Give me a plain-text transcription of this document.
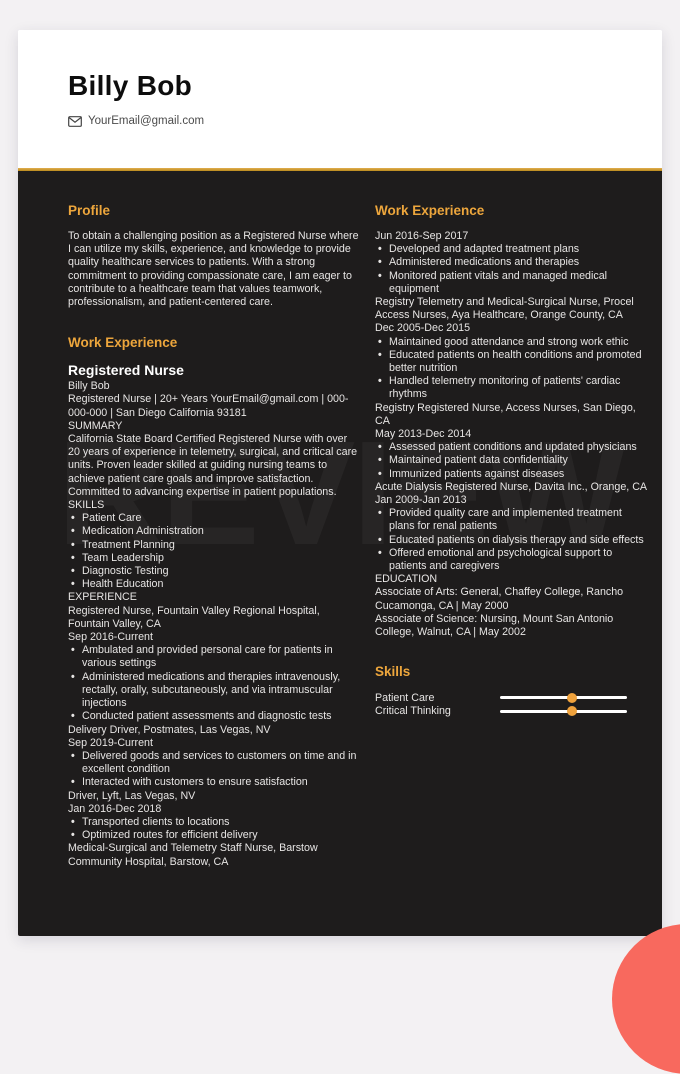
Billy Bob
YourEmail@gmail.com
Profile
To obtain a challenging position as a Registered Nurse where I can utilize my skills, experience, and knowledge to provide quality healthcare services to patients. With a strong commitment to providing compassionate care, I am eager to contribute to a healthcare team that values teamwork, professionalism, and patient-centered care.
Work Experience
Registered Nurse
Billy Bob
Registered Nurse | 20+ Years YourEmail@gmail.com | 000-000-000 | San Diego California 93181
SUMMARY
California State Board Certified Registered Nurse with over 20 years of experience in telemetry, surgical, and critical care units. Proven leader skilled at guiding nursing teams to achieve patient care goals and improve satisfaction. Committed to advancing expertise in patient populations.
SKILLS
• Patient Care
• Medication Administration
• Treatment Planning
• Team Leadership
• Diagnostic Testing
• Health Education
EXPERIENCE
Registered Nurse, Fountain Valley Regional Hospital, Fountain Valley, CA
Sep 2016-Current
• Ambulated and provided personal care for patients in various settings
• Administered medications and therapies intravenously, rectally, orally, subcutaneously, and via intramuscular injections
• Conducted patient assessments and diagnostic tests
Delivery Driver, Postmates, Las Vegas, NV
Sep 2019-Current
• Delivered goods and services to customers on time and in excellent condition
• Interacted with customers to ensure satisfaction
Driver, Lyft, Las Vegas, NV
Jan 2016-Dec 2018
• Transported clients to locations
• Optimized routes for efficient delivery
Medical-Surgical and Telemetry Staff Nurse, Barstow Community Hospital, Barstow, CA
Work Experience
Jun 2016-Sep 2017
• Developed and adapted treatment plans
• Administered medications and therapies
• Monitored patient vitals and managed medical equipment
Registry Telemetry and Medical-Surgical Nurse, Procel Access Nurses, Aya Healthcare, Orange County, CA
Dec 2005-Dec 2015
• Maintained good attendance and strong work ethic
• Educated patients on health conditions and promoted better nutrition
• Handled telemetry monitoring of patients' cardiac rhythms
Registry Registered Nurse, Access Nurses, San Diego, CA
May 2013-Dec 2014
• Assessed patient conditions and updated physicians
• Maintained patient data confidentiality
• Immunized patients against diseases
Acute Dialysis Registered Nurse, Davita Inc., Orange, CA
Jan 2009-Jan 2013
• Provided quality care and implemented treatment plans for renal patients
• Educated patients on dialysis therapy and side effects
• Offered emotional and psychological support to patients and caregivers
EDUCATION
Associate of Arts: General, Chaffey College, Rancho Cucamonga, CA | May 2000
Associate of Science: Nursing, Mount San Antonio College, Walnut, CA | May 2002
Skills
Patient Care
Critical Thinking
